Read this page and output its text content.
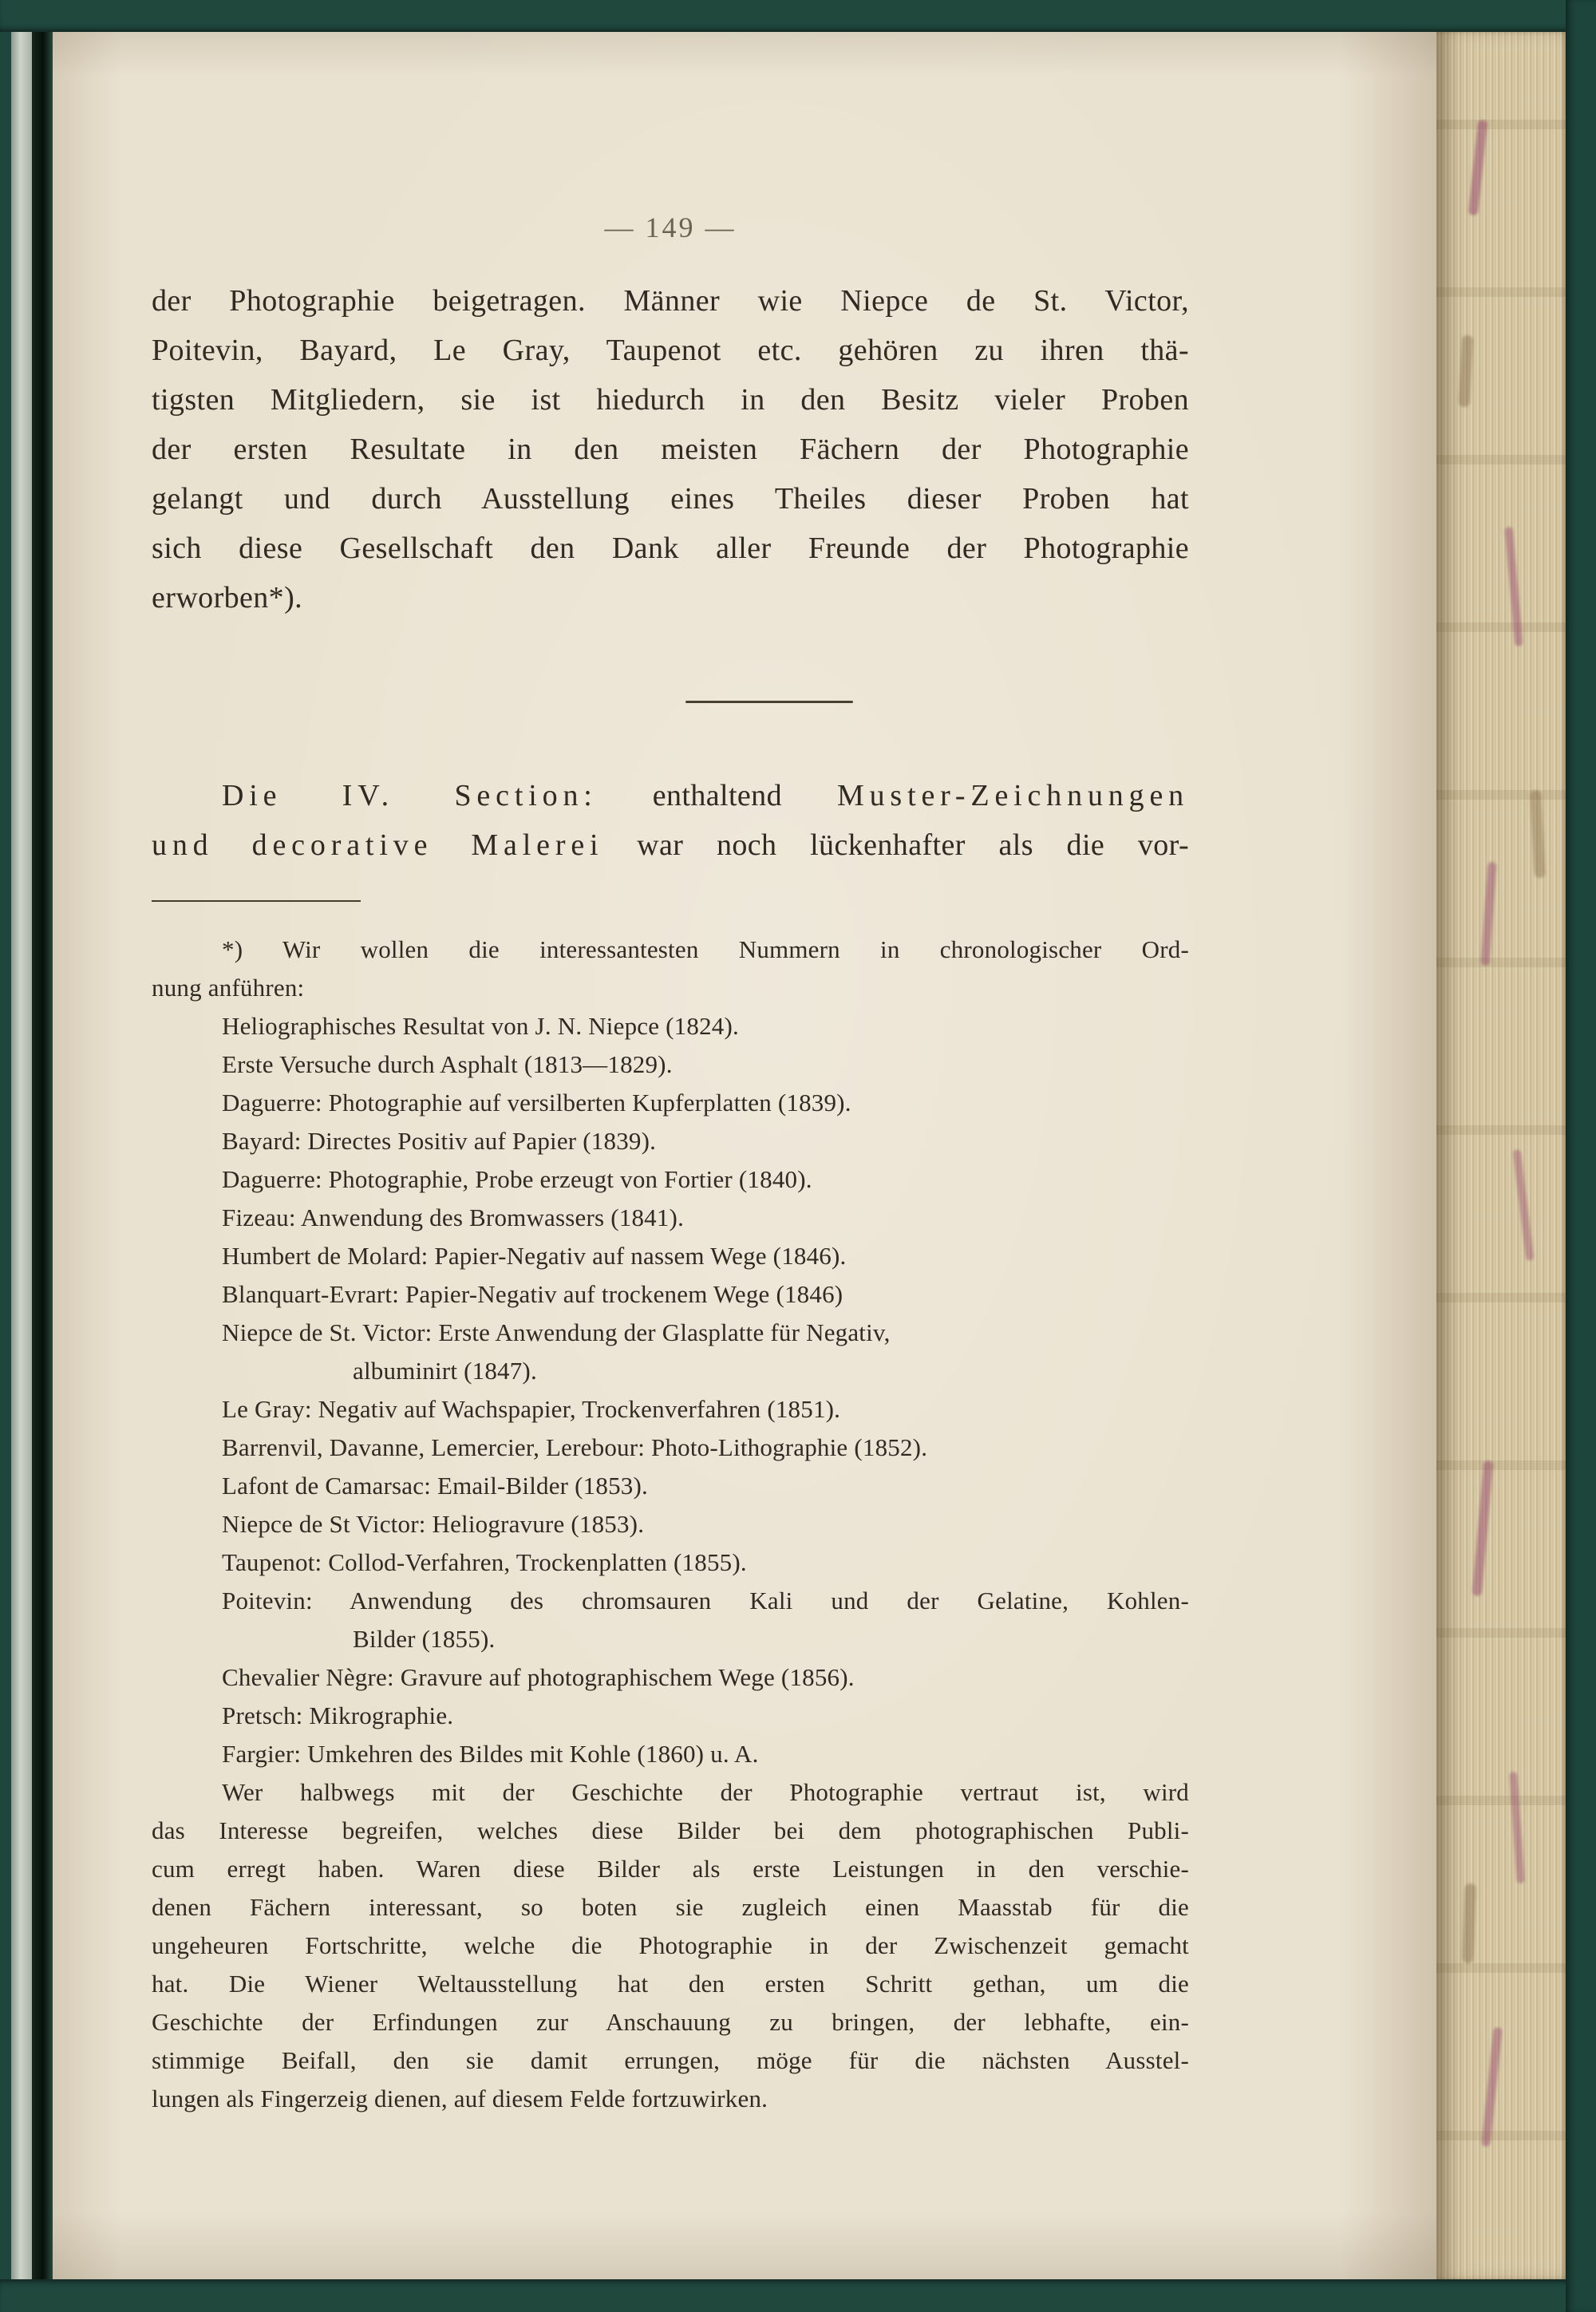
— 149 —
der Photographie beigetragen. Männer wie Niepce de St. Victor,
Poitevin, Bayard, Le Gray, Taupenot etc. gehören zu ihren thä-
tigsten Mitgliedern, sie ist hiedurch in den Besitz vieler Proben
der ersten Resultate in den meisten Fächern der Photographie
gelangt und durch Ausstellung eines Theiles dieser Proben hat
sich diese Gesellschaft den Dank aller Freunde der Photographie
erworben*).
Die IV. Section: enthaltend Muster-Zeichnungen
und decorative Malerei war noch lückenhafter als die vor-
*) Wir wollen die interessantesten Nummern in chronologischer Ord-
nung anführen:
Heliographisches Resultat von J. N. Niepce (1824).
Erste Versuche durch Asphalt (1813—1829).
Daguerre: Photographie auf versilberten Kupferplatten (1839).
Bayard: Directes Positiv auf Papier (1839).
Daguerre: Photographie, Probe erzeugt von Fortier (1840).
Fizeau: Anwendung des Bromwassers (1841).
Humbert de Molard: Papier-Negativ auf nassem Wege (1846).
Blanquart-Evrart: Papier-Negativ auf trockenem Wege (1846)
Niepce de St. Victor: Erste Anwendung der Glasplatte für Negativ,
albuminirt (1847).
Le Gray: Negativ auf Wachspapier, Trockenverfahren (1851).
Barrenvil, Davanne, Lemercier, Lerebour: Photo-Lithographie (1852).
Lafont de Camarsac: Email-Bilder (1853).
Niepce de St Victor: Heliogravure (1853).
Taupenot: Collod-Verfahren, Trockenplatten (1855).
Poitevin: Anwendung des chromsauren Kali und der Gelatine, Kohlen-
Bilder (1855).
Chevalier Nègre: Gravure auf photographischem Wege (1856).
Pretsch: Mikrographie.
Fargier: Umkehren des Bildes mit Kohle (1860) u. A.
Wer halbwegs mit der Geschichte der Photographie vertraut ist, wird
das Interesse begreifen, welches diese Bilder bei dem photographischen Publi-
cum erregt haben. Waren diese Bilder als erste Leistungen in den verschie-
denen Fächern interessant, so boten sie zugleich einen Maasstab für die
ungeheuren Fortschritte, welche die Photographie in der Zwischenzeit gemacht
hat. Die Wiener Weltausstellung hat den ersten Schritt gethan, um die
Geschichte der Erfindungen zur Anschauung zu bringen, der lebhafte, ein-
stimmige Beifall, den sie damit errungen, möge für die nächsten Ausstel-
lungen als Fingerzeig dienen, auf diesem Felde fortzuwirken.
